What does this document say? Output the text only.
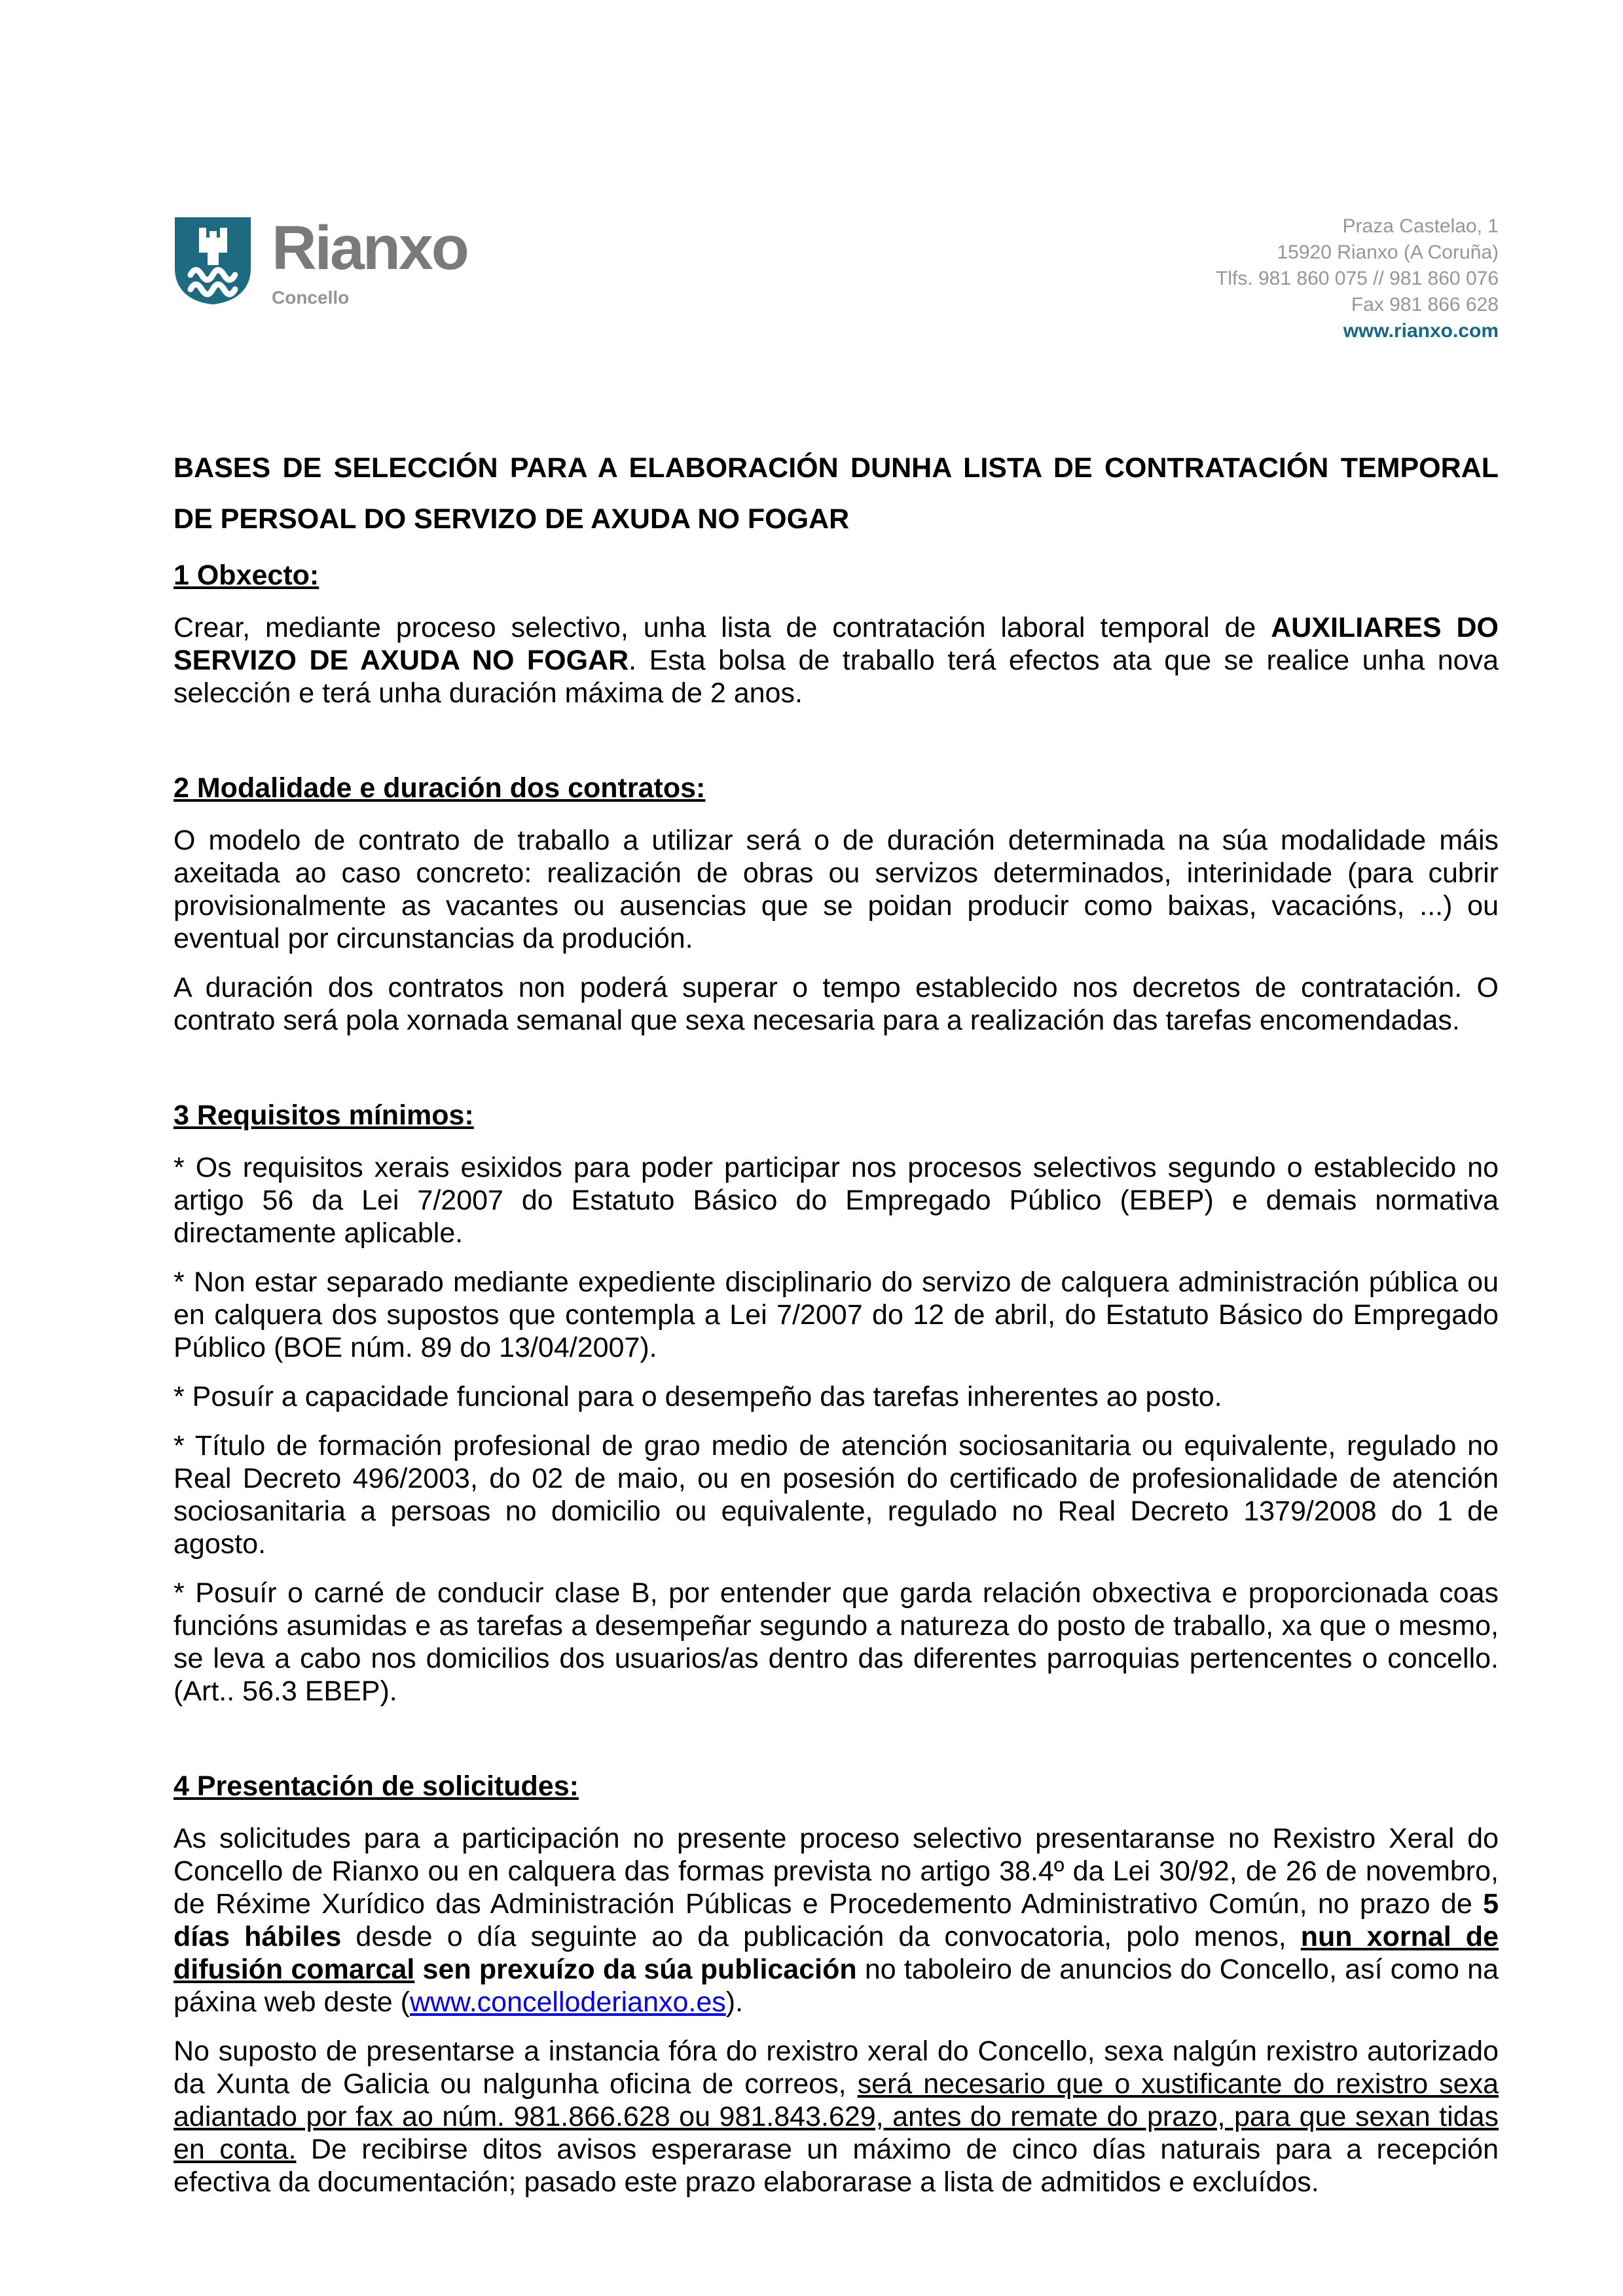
Rianxo
Concello
Praza Castelao, 1
15920 Rianxo (A Coruña)
Tlfs. 981 860 075 // 981 860 076
Fax 981 866 628
www.rianxo.com
BASES DE SELECCIÓN PARA A ELABORACIÓN DUNHA LISTA DE CONTRATACIÓN TEMPORAL DE PERSOAL DO SERVIZO DE AXUDA NO FOGAR
1 Obxecto:

Crear, mediante proceso selectivo, unha lista de contratación laboral temporal de AUXILIARES DO SERVIZO DE AXUDA NO FOGAR. Esta bolsa de traballo terá efectos ata que se realice unha nova selección e terá unha duración máxima de 2 anos.

2 Modalidade e duración dos contratos:

O modelo de contrato de traballo a utilizar será o de duración determinada na súa modalidade máis axeitada ao caso concreto: realización de obras ou servizos determinados, interinidade (para cubrir provisionalmente as vacantes ou ausencias que se poidan producir como baixas, vacacións, ...) ou eventual por circunstancias da produción.

A duración dos contratos non poderá superar o tempo establecido nos decretos de contratación. O contrato será pola xornada semanal que sexa necesaria para a realización das tarefas encomendadas.

3 Requisitos mínimos:

* Os requisitos xerais esixidos para poder participar nos procesos selectivos segundo o establecido no artigo 56 da Lei 7/2007 do Estatuto Básico do Empregado Público (EBEP) e demais normativa directamente aplicable.

* Non estar separado mediante expediente disciplinario do servizo de calquera administración pública ou en calquera dos supostos que contempla a Lei 7/2007 do 12 de abril, do Estatuto Básico do Empregado Público (BOE núm. 89 do 13/04/2007).

* Posuír a capacidade funcional para o desempeño das tarefas inherentes ao posto.

* Título de formación profesional de grao medio de atención sociosanitaria ou equivalente, regulado no Real Decreto 496/2003, do 02 de maio, ou en posesión do certificado de profesionalidade de atención sociosanitaria a persoas no domicilio ou equivalente, regulado no Real Decreto 1379/2008 do 1 de agosto.

* Posuír o carné de conducir clase B, por entender que garda relación obxectiva e proporcionada coas funcións asumidas e as tarefas a desempeñar segundo a natureza do posto de traballo, xa que o mesmo, se leva a cabo nos domicilios dos usuarios/as dentro das diferentes parroquias pertencentes o concello. (Art.. 56.3 EBEP).

4 Presentación de solicitudes:

As solicitudes para a participación no presente proceso selectivo presentaranse no Rexistro Xeral do Concello de Rianxo ou en calquera das formas prevista no artigo 38.4º da Lei 30/92, de 26 de novembro, de Réxime Xurídico das Administración Públicas e Procedemento Administrativo Común, no prazo de 5 días hábiles desde o día seguinte ao da publicación da convocatoria, polo menos, nun xornal de difusión comarcal sen prexuízo da súa publicación no taboleiro de anuncios do Concello, así como na páxina web deste (www.concelloderianxo.es).

No suposto de presentarse a instancia fóra do rexistro xeral do Concello, sexa nalgún rexistro autorizado da Xunta de Galicia ou nalgunha oficina de correos, será necesario que o xustificante do rexistro sexa adiantado por fax ao núm. 981.866.628 ou 981.843.629, antes do remate do prazo, para que sexan tidas en conta. De recibirse ditos avisos esperarase un máximo de cinco días naturais para a recepción efectiva da documentación; pasado este prazo elaborarase a lista de admitidos e excluídos.
